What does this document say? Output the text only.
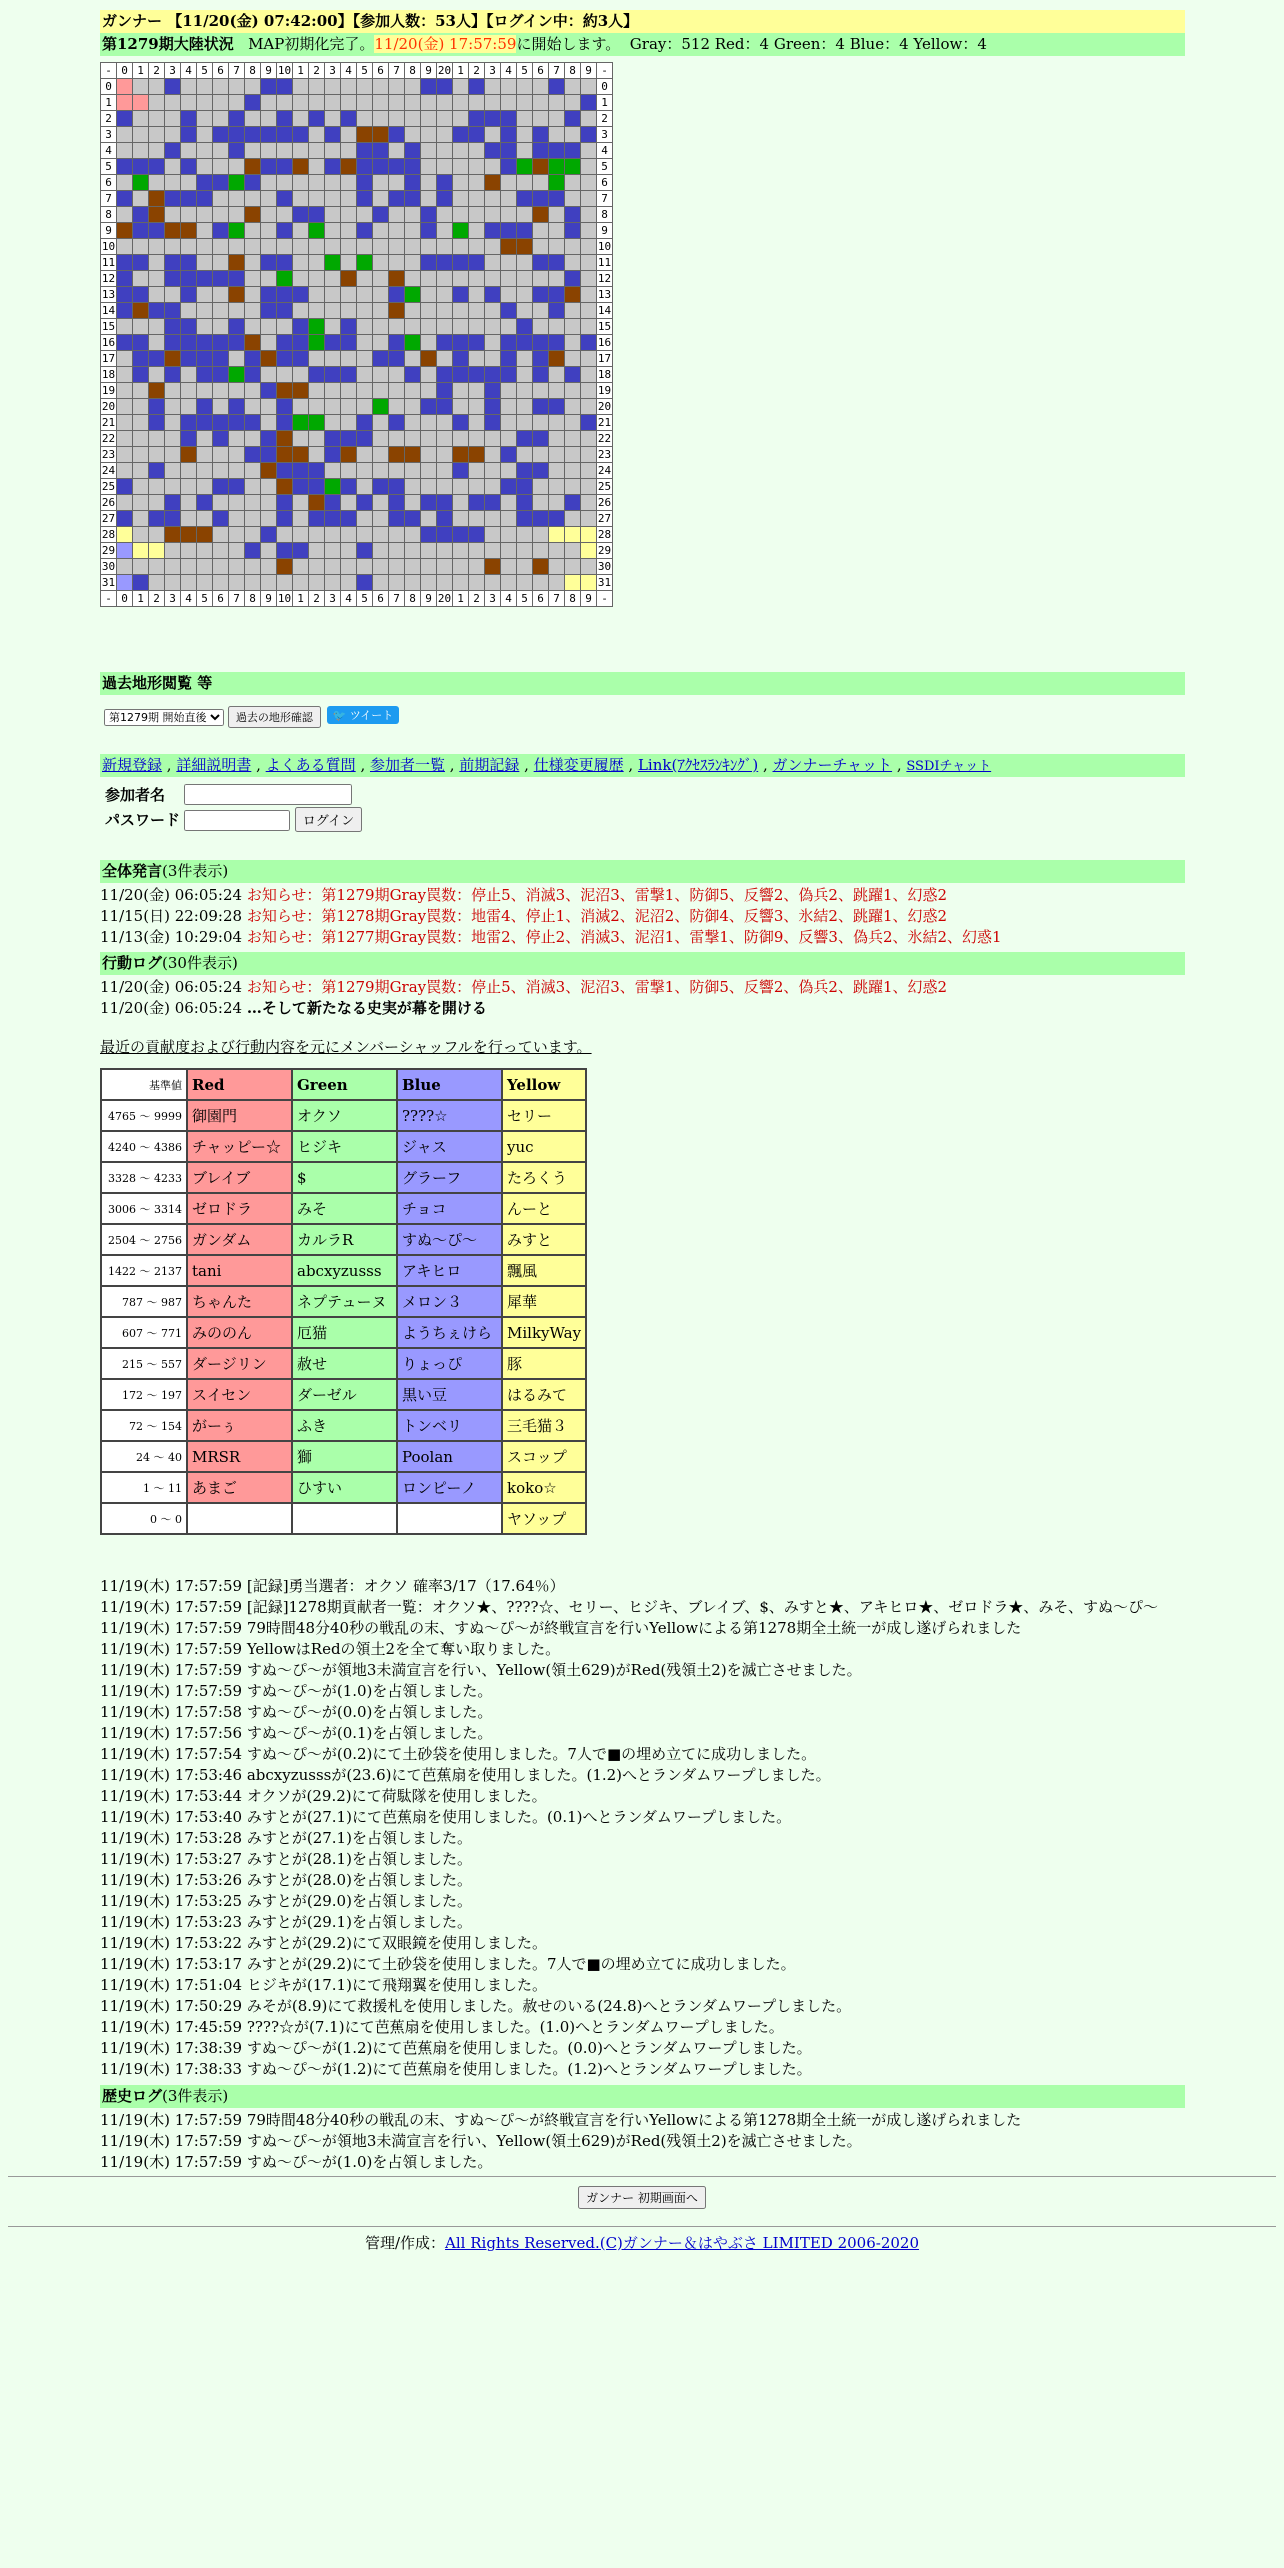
ガンナー 【11/20(金) 07:42:00】【参加人数：53人】【ログイン中：約3人】
第1279期大陸状況 MAP初期化完了。11/20(金) 17:57:59に開始します。 Gray：512 Red：4 Green：4 Blue：4 Yellow：4
-	0	1	2	3	4	5	6	7	8	9	10	1	2	3	4	5	6	7	8	9	20	1	2	3	4	5	6	7	8	9	-
0																															0
1																															1
2																															2
3																															3
4																															4
5																															5
6																															6
7																															7
8																															8
9																															9
10																															10
11																															11
12																															12
13																															13
14																															14
15																															15
16																															16
17																															17
18																															18
19																															19
20																															20
21																															21
22																															22
23																															23
24																															24
25																															25
26																															26
27																															27
28																															28
29																															29
30																															30
31																															31
-	0	1	2	3	4	5	6	7	8	9	10	1	2	3	4	5	6	7	8	9	20	1	2	3	4	5	6	7	8	9	-
過去地形閲覧 等
第1279期 開始直後 過去の地形確認 🐦 ツイート
新規登録 , 詳細説明書 , よくある質問 , 参加者一覧 , 前期記録 , 仕様変更履歴 , Link(ｱｸｾｽﾗﾝｷﾝｸﾞ) , ガンナーチャット , SSDIチャット
参加者名	
パスワード	ログイン
全体発言(3件表示)
11/20(金) 06:05:24 お知らせ：第1279期Gray罠数：停止5、消滅3、泥沼3、雷撃1、防御5、反響2、偽兵2、跳躍1、幻惑2
11/15(日) 22:09:28 お知らせ：第1278期Gray罠数：地雷4、停止1、消滅2、泥沼2、防御4、反響3、氷結2、跳躍1、幻惑2
11/13(金) 10:29:04 お知らせ：第1277期Gray罠数：地雷2、停止2、消滅3、泥沼1、雷撃1、防御9、反響3、偽兵2、氷結2、幻惑1
行動ログ(30件表示)
11/20(金) 06:05:24 お知らせ：第1279期Gray罠数：停止5、消滅3、泥沼3、雷撃1、防御5、反響2、偽兵2、跳躍1、幻惑2
11/20(金) 06:05:24 …そして新たなる史実が幕を開ける
最近の貢献度および行動内容を元にメンバーシャッフルを行っています。
基準値	Red	Green	Blue	Yellow
4765 ～ 9999	御園門	オクソ	????☆	セリー
4240 ～ 4386	チャッピー☆	ヒジキ	ジャス	yuc
3328 ～ 4233	ブレイブ	$	グラーフ	たろくう
3006 ～ 3314	ゼロドラ	みそ	チョコ	んーと
2504 ～ 2756	ガンダム	カルラR	すぬ～ぴ～	みすと
1422 ～ 2137	tani	abcxyzusss	アキヒロ	飄風
787 ～ 987	ちゃんた	ネプテューヌ	メロン３	犀華
607 ～ 771	みののん	厄猫	ようちぇけら	MilkyWay
215 ～ 557	ダージリン	赦せ	りょっぴ	豚
172 ～ 197	スイセン	ダーゼル	黒い豆	はるみて
72 ～ 154	がーぅ	ふき	トンベリ	三毛猫３
24 ～ 40	MRSR	獅	Poolan	スコップ
1 ～ 11	あまご	ひすい	ロンピーノ	koko☆
0 ～ 0				ヤソップ
11/19(木) 17:57:59 [記録]勇当選者：オクソ 確率3/17（17.64％）
11/19(木) 17:57:59 [記録]1278期貢献者一覧：オクソ★、????☆、セリー、ヒジキ、ブレイブ、$、みすと★、アキヒロ★、ゼロドラ★、みそ、すぬ～ぴ～
11/19(木) 17:57:59 79時間48分40秒の戦乱の末、すぬ～ぴ～が終戦宣言を行いYellowによる第1278期全土統一が成し遂げられました
11/19(木) 17:57:59 YellowはRedの領土2を全て奪い取りました。
11/19(木) 17:57:59 すぬ～ぴ～が領地3未満宣言を行い、Yellow(領土629)がRed(残領土2)を滅亡させました。
11/19(木) 17:57:59 すぬ～ぴ～が(1.0)を占領しました。
11/19(木) 17:57:58 すぬ～ぴ～が(0.0)を占領しました。
11/19(木) 17:57:56 すぬ～ぴ～が(0.1)を占領しました。
11/19(木) 17:57:54 すぬ～ぴ～が(0.2)にて土砂袋を使用しました。7人で■の埋め立てに成功しました。
11/19(木) 17:53:46 abcxyzusssが(23.6)にて芭蕉扇を使用しました。(1.2)へとランダムワープしました。
11/19(木) 17:53:44 オクソが(29.2)にて荷駄隊を使用しました。
11/19(木) 17:53:40 みすとが(27.1)にて芭蕉扇を使用しました。(0.1)へとランダムワープしました。
11/19(木) 17:53:28 みすとが(27.1)を占領しました。
11/19(木) 17:53:27 みすとが(28.1)を占領しました。
11/19(木) 17:53:26 みすとが(28.0)を占領しました。
11/19(木) 17:53:25 みすとが(29.0)を占領しました。
11/19(木) 17:53:23 みすとが(29.1)を占領しました。
11/19(木) 17:53:22 みすとが(29.2)にて双眼鏡を使用しました。
11/19(木) 17:53:17 みすとが(29.2)にて土砂袋を使用しました。7人で■の埋め立てに成功しました。
11/19(木) 17:51:04 ヒジキが(17.1)にて飛翔翼を使用しました。
11/19(木) 17:50:29 みそが(8.9)にて救援札を使用しました。赦せのいる(24.8)へとランダムワープしました。
11/19(木) 17:45:59 ????☆が(7.1)にて芭蕉扇を使用しました。(1.0)へとランダムワープしました。
11/19(木) 17:38:39 すぬ～ぴ～が(1.2)にて芭蕉扇を使用しました。(0.0)へとランダムワープしました。
11/19(木) 17:38:33 すぬ～ぴ～が(1.2)にて芭蕉扇を使用しました。(1.2)へとランダムワープしました。
歴史ログ(3件表示)
11/19(木) 17:57:59 79時間48分40秒の戦乱の末、すぬ～ぴ～が終戦宣言を行いYellowによる第1278期全土統一が成し遂げられました
11/19(木) 17:57:59 すぬ～ぴ～が領地3未満宣言を行い、Yellow(領土629)がRed(残領土2)を滅亡させました。
11/19(木) 17:57:59 すぬ～ぴ～が(1.0)を占領しました。
ガンナー 初期画面へ
管理/作成：All Rights Reserved.(C)ガンナー＆はやぶさ LIMITED 2006-2020
